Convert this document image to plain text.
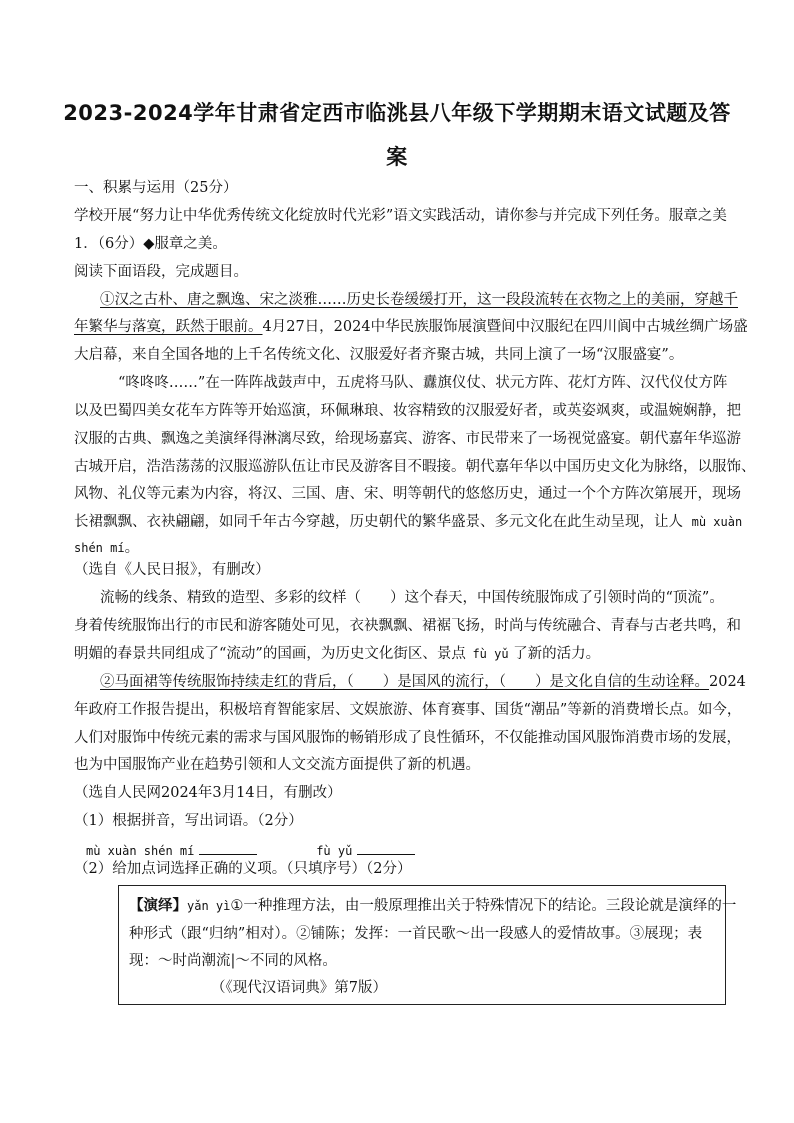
2023-2024学年甘肃省定西市临洮县八年级下学期期末语文试题及答
案
一、积累与运用（25分）
学校开展“努力让中华优秀传统文化绽放时代光彩”语文实践活动，请你参与并完成下列任务。服章之美
1．（6分）◆服章之美。
阅读下面语段，完成题目。
①汉之古朴、唐之飘逸、宋之淡雅……历史长卷缓缓打开，这一段段流转在衣物之上的美丽，穿越千
年繁华与落寞，跃然于眼前。4月27日，2024中华民族服饰展演暨间中汉服纪在四川阆中古城丝绸广场盛
大启幕，来自全国各地的上千名传统文化、汉服爱好者齐聚古城，共同上演了一场“汉服盛宴”。
“咚咚咚……”在一阵阵战鼓声中，五虎将马队、纛旗仪仗、状元方阵、花灯方阵、汉代仪仗方阵
以及巴蜀四美女花车方阵等开始巡演，环佩琳琅、妆容精致的汉服爱好者，或英姿飒爽，或温婉娴静，把
汉服的古典、飘逸之美演绎得淋漓尽致，给现场嘉宾、游客、市民带来了一场视觉盛宴。朝代嘉年华巡游
古城开启，浩浩荡荡的汉服巡游队伍让市民及游客目不暇接。朝代嘉年华以中国历史文化为脉络，以服饰、
风物、礼仪等元素为内容，将汉、三国、唐、宋、明等朝代的悠悠历史，通过一个个方阵次第展开，现场
长裙飘飘、衣袂翩翩，如同千年古今穿越，历史朝代的繁华盛景、多元文化在此生动呈现，让人 mù xuàn
shén mí。
（选自《人民日报》，有删改）
流畅的线条、精致的造型、多彩的纹样（　　）这个春天，中国传统服饰成了引领时尚的“顶流”。
身着传统服饰出行的市民和游客随处可见，衣袂飘飘、裙裾飞扬，时尚与传统融合、青春与古老共鸣，和
明媚的春景共同组成了“流动”的国画，为历史文化街区、景点 fù yǔ 了新的活力。
②马面裙等传统服饰持续走红的背后，（　　）是国风的流行，（　　）是文化自信的生动诠释。2024
年政府工作报告提出，积极培育智能家居、文娱旅游、体育赛事、国货“潮品”等新的消费增长点。如今，
人们对服饰中传统元素的需求与国风服饰的畅销形成了良性循环，不仅能推动国风服饰消费市场的发展，
也为中国服饰产业在趋势引领和人文交流方面提供了新的机遇。
（选自人民网2024年3月14日，有删改）
（1）根据拼音，写出词语。（2分）
mù xuàn shén mí	fù yǔ
（2）给加点词选择正确的义项。（只填序号）（2分）
【演绎】yǎn yì①一种推理方法，由一般原理推出关于特殊情况下的结论。三段论就是演绎的一
种形式（跟“归纳”相对）。②铺陈；发挥：一首民歌～出一段感人的爱情故事。③展现；表
现：～时尚潮流|～不同的风格。
（《现代汉语词典》第7版）
